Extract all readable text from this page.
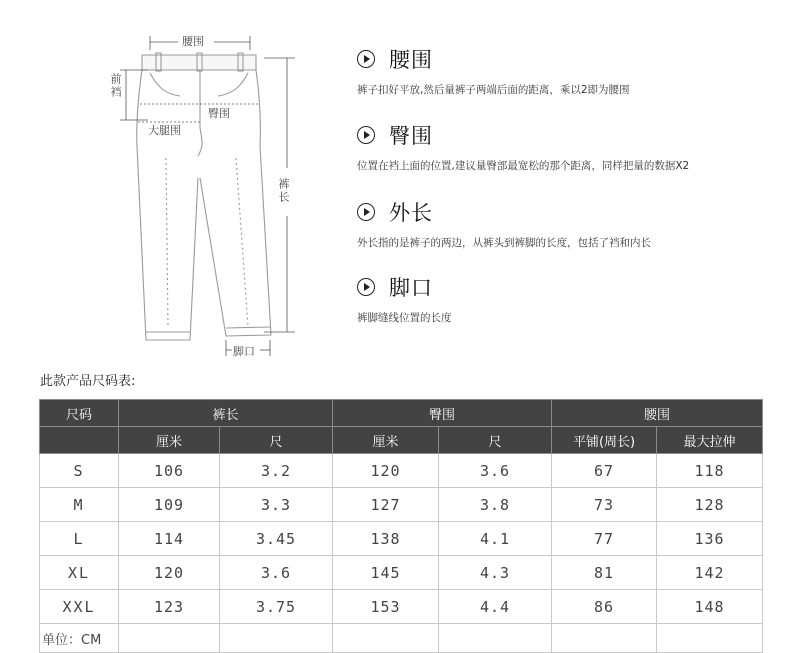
腰围
前裆
臀围
大腿围
裤长
脚口
腰围
裤子扣好平放,然后量裤子两端后面的距离，乘以2即为腰围
臀围
位置在裆上面的位置,建议量臀部最宽松的那个距离，同样把量的数据X2
外长
外长指的是裤子的两边，从裤头到裤脚的长度，包括了裆和内长
脚口
裤脚缝线位置的长度
此款产品尺码表:
尺码	裤长		臀围		腰围	
	厘米	尺	厘米	尺	平铺(周长)	最大拉伸
S	106	3.2	120	3.6	67	118
M	109	3.3	127	3.8	73	128
L	114	3.45	138	4.1	77	136
XL	120	3.6	145	4.3	81	142
XXL	123	3.75	153	4.4	86	148
单位：CM						
